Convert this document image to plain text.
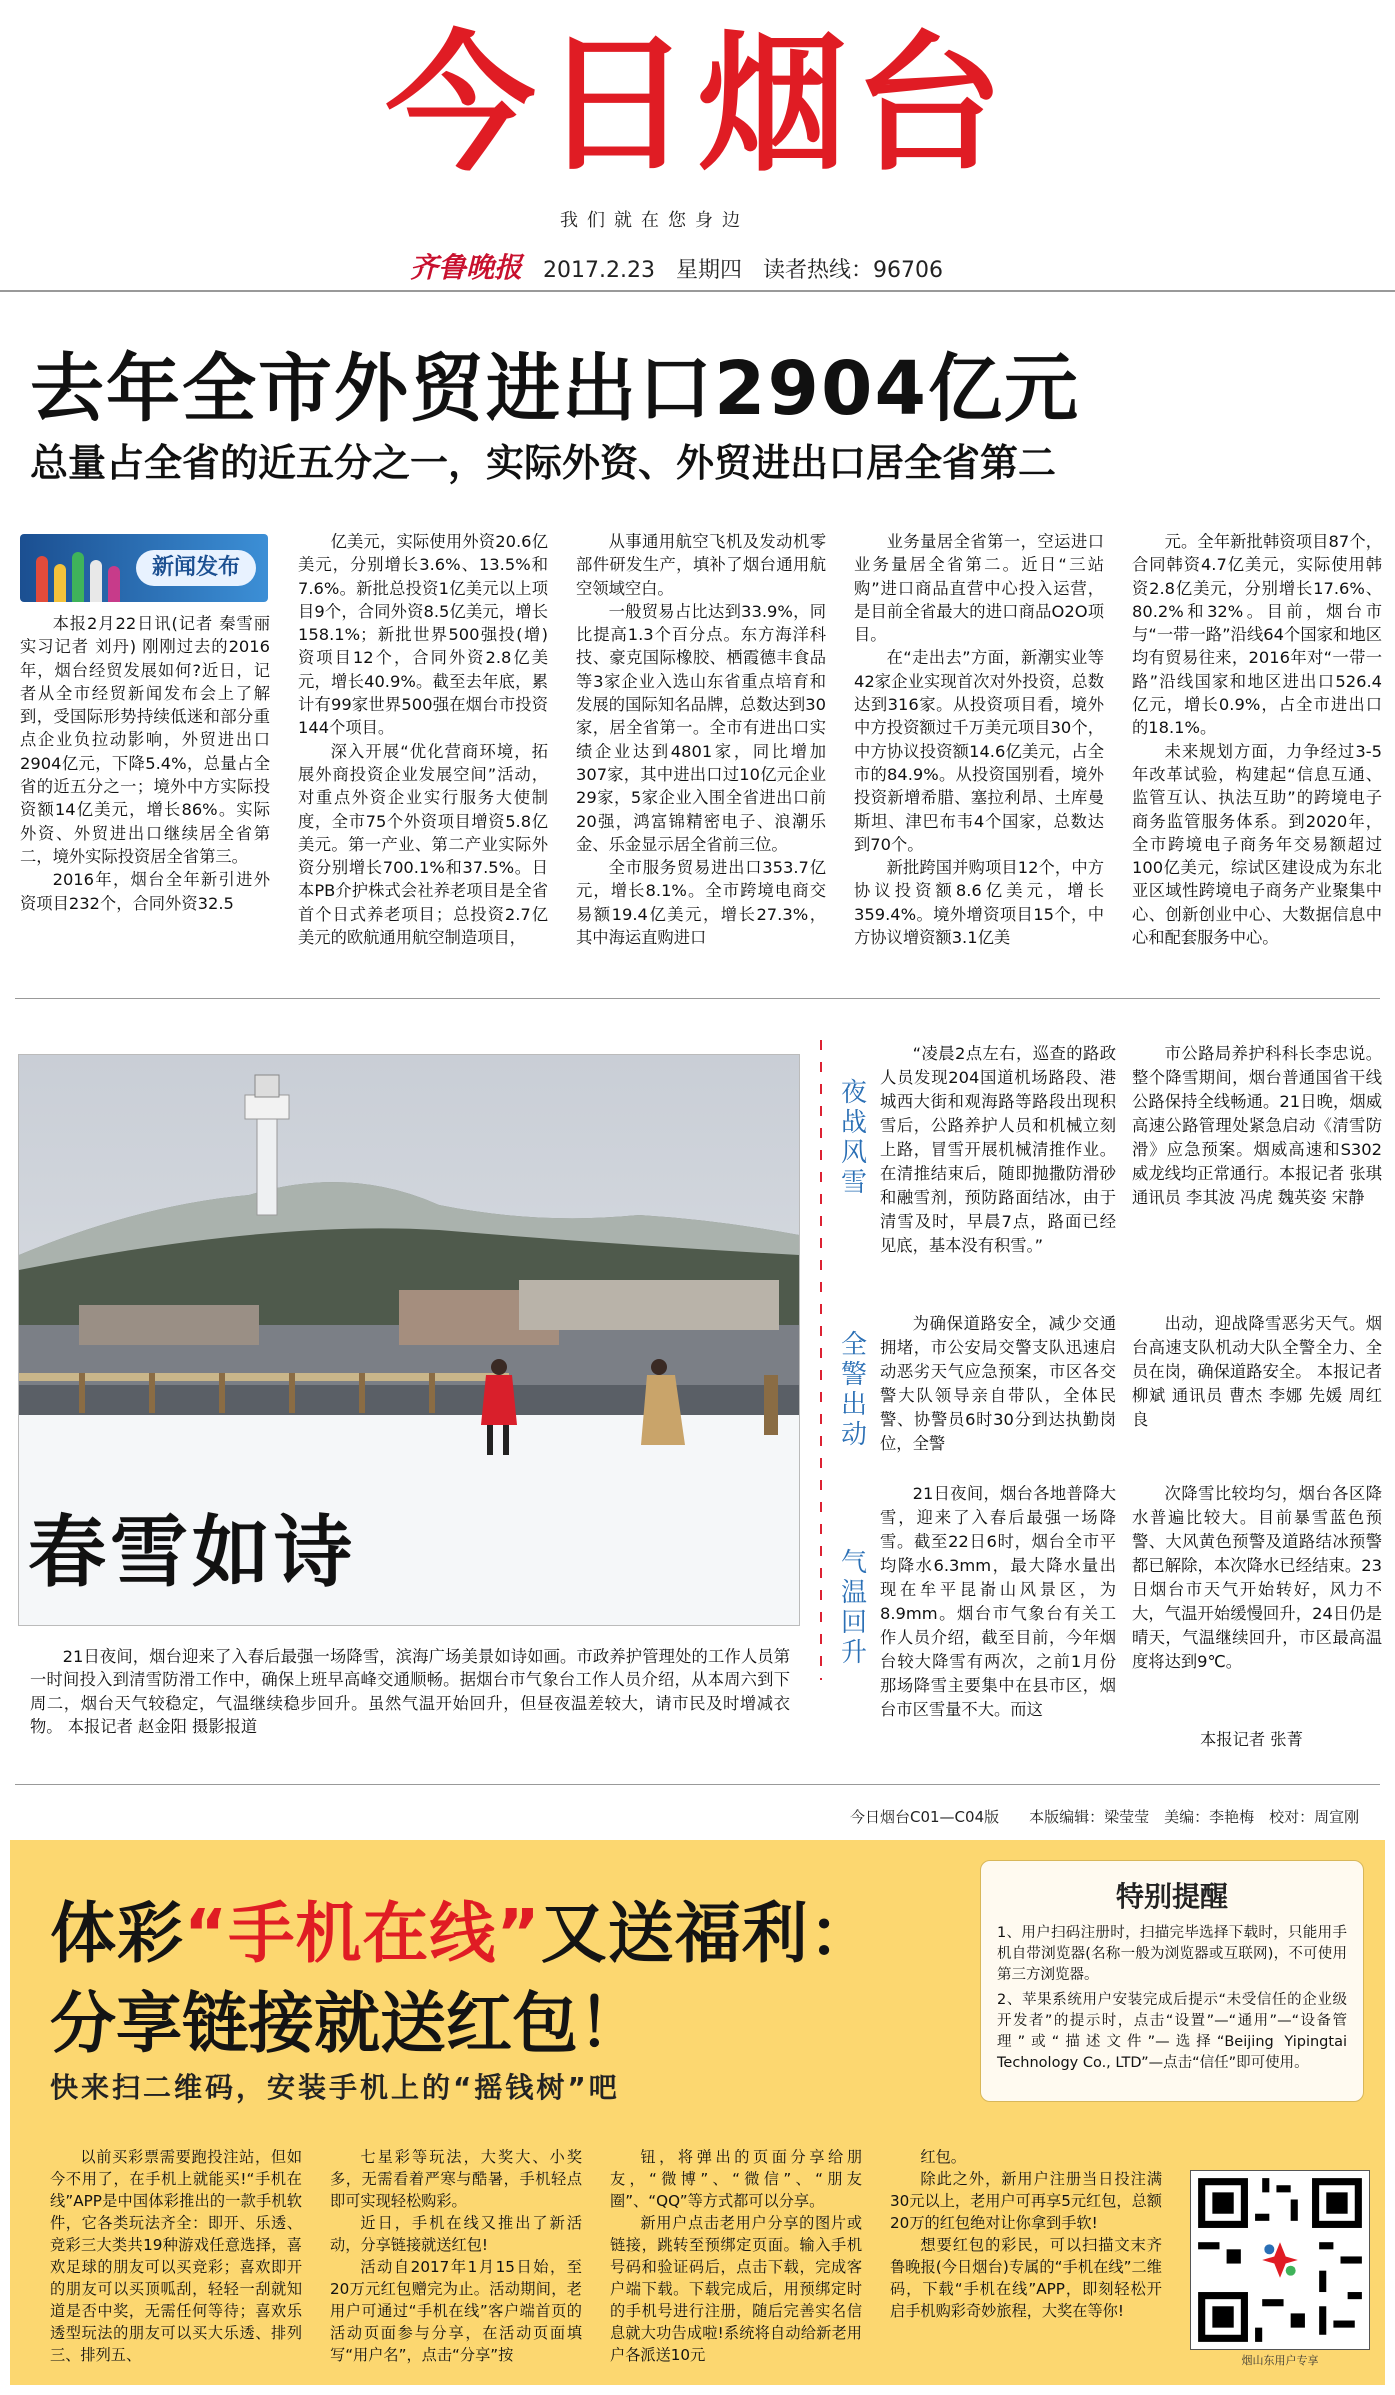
今日烟台
我们就在您身边
齐鲁晚报 2017.2.23 星期四 读者热线：96706
去年全市外贸进出口2904亿元
总量占全省的近五分之一，实际外资、外贸进出口居全省第二
新闻发布

本报2月22日讯(记者 秦雪丽 实习记者 刘丹) 刚刚过去的2016年，烟台经贸发展如何?近日，记者从全市经贸新闻发布会上了解到，受国际形势持续低迷和部分重点企业负拉动影响，外贸进出口2904亿元，下降5.4%，总量占全省的近五分之一；境外中方实际投资额14亿美元，增长86%。实际外资、外贸进出口继续居全省第二，境外实际投资居全省第三。

2016年，烟台全年新引进外资项目232个，合同外资32.5

亿美元，实际使用外资20.6亿美元，分别增长3.6%、13.5%和7.6%。新批总投资1亿美元以上项目9个，合同外资8.5亿美元，增长158.1%；新批世界500强投(增)资项目12个，合同外资2.8亿美元，增长40.9%。截至去年底，累计有99家世界500强在烟台市投资144个项目。

深入开展“优化营商环境，拓展外商投资企业发展空间”活动，对重点外资企业实行服务大使制度，全市75个外资项目增资5.8亿美元。第一产业、第二产业实际外资分别增长700.1%和37.5%。日本PB介护株式会社养老项目是全省首个日式养老项目；总投资2.7亿美元的欧航通用航空制造项目，

从事通用航空飞机及发动机零部件研发生产，填补了烟台通用航空领域空白。

一般贸易占比达到33.9%，同比提高1.3个百分点。东方海洋科技、豪克国际橡胶、栖霞德丰食品等3家企业入选山东省重点培育和发展的国际知名品牌，总数达到30家，居全省第一。全市有进出口实绩企业达到4801家，同比增加307家，其中进出口过10亿元企业29家，5家企业入围全省进出口前20强，鸿富锦精密电子、浪潮乐金、乐金显示居全省前三位。

全市服务贸易进出口353.7亿元，增长8.1%。全市跨境电商交易额19.4亿美元，增长27.3%，其中海运直购进口

业务量居全省第一，空运进口业务量居全省第二。近日“三站购”进口商品直营中心投入运营，是目前全省最大的进口商品O2O项目。

在“走出去”方面，新潮实业等42家企业实现首次对外投资，总数达到316家。从投资项目看，境外中方投资额过千万美元项目30个，中方协议投资额14.6亿美元，占全市的84.9%。从投资国别看，境外投资新增希腊、塞拉利昂、土库曼斯坦、津巴布韦4个国家，总数达到70个。

新批跨国并购项目12个，中方协议投资额8.6亿美元，增长359.4%。境外增资项目15个，中方协议增资额3.1亿美

元。全年新批韩资项目87个，合同韩资4.7亿美元，实际使用韩资2.8亿美元，分别增长17.6%、80.2%和32%。目前，烟台市与“一带一路”沿线64个国家和地区均有贸易往来，2016年对“一带一路”沿线国家和地区进出口526.4亿元，增长0.9%，占全市进出口的18.1%。

未来规划方面，力争经过3-5年改革试验，构建起“信息互通、监管互认、执法互助”的跨境电子商务监管服务体系。到2020年，全市跨境电子商务年交易额超过100亿美元，综试区建设成为东北亚区域性跨境电子商务产业聚集中心、创新创业中心、大数据信息中心和配套服务中心。

春雪如诗
21日夜间，烟台迎来了入春后最强一场降雪，滨海广场美景如诗如画。市政养护管理处的工作人员第一时间投入到清雪防滑工作中，确保上班早高峰交通顺畅。据烟台市气象台工作人员介绍，从本周六到下周二，烟台天气较稳定，气温继续稳步回升。虽然气温开始回升，但昼夜温差较大，请市民及时增减衣物。 本报记者 赵金阳 摄影报道
夜战风雪

“凌晨2点左右，巡查的路政人员发现204国道机场路段、港城西大街和观海路等路段出现积雪后，公路养护人员和机械立刻上路，冒雪开展机械清推作业。在清推结束后，随即抛撒防滑砂和融雪剂，预防路面结冰，由于清雪及时，早晨7点，路面已经见底，基本没有积雪。”

市公路局养护科科长李忠说。整个降雪期间，烟台普通国省干线公路保持全线畅通。21日晚，烟威高速公路管理处紧急启动《清雪防滑》应急预案。烟威高速和S302威龙线均正常通行。本报记者 张琪 通讯员 李其波 冯虎 魏英姿 宋静

全警出动

为确保道路安全，减少交通拥堵，市公安局交警支队迅速启动恶劣天气应急预案，市区各交警大队领导亲自带队，全体民警、协警员6时30分到达执勤岗位，全警

出动，迎战降雪恶劣天气。烟台高速支队机动大队全警全力、全员在岗，确保道路安全。 本报记者 柳斌 通讯员 曹杰 李娜 先媛 周红良

气温回升

21日夜间，烟台各地普降大雪，迎来了入春后最强一场降雪。截至22日6时，烟台全市平均降水6.3mm，最大降水量出现在牟平昆嵛山风景区，为8.9mm。烟台市气象台有关工作人员介绍，截至目前，今年烟台较大降雪有两次，之前1月份那场降雪主要集中在县市区，烟台市区雪量不大。而这

次降雪比较均匀，烟台各区降水普遍比较大。目前暴雪蓝色预警、大风黄色预警及道路结冰预警都已解除，本次降水已经结束。23日烟台市天气开始转好，风力不大，气温开始缓慢回升，24日仍是晴天，气温继续回升，市区最高温度将达到9℃。

本报记者 张菁
今日烟台C01—C04版　　本版编辑：梁莹莹　美编：李艳梅　校对：周宣刚
体彩“手机在线”又送福利：
分享链接就送红包！
快来扫二维码，安装手机上的“摇钱树”吧
特别提醒

1、用户扫码注册时，扫描完毕选择下载时，只能用手机自带浏览器(名称一般为浏览器或互联网)，不可使用第三方浏览器。

2、苹果系统用户安装完成后提示“未受信任的企业级开发者”的提示时，点击“设置”—“通用”—“设备管理”或“描述文件”—选择“Beijing Yipingtai Technology Co., LTD”—点击“信任”即可使用。

以前买彩票需要跑投注站，但如今不用了，在手机上就能买!“手机在线”APP是中国体彩推出的一款手机软件，它各类玩法齐全：即开、乐透、竞彩三大类共19种游戏任意选择，喜欢足球的朋友可以买竞彩；喜欢即开的朋友可以买顶呱刮，轻轻一刮就知道是否中奖，无需任何等待；喜欢乐透型玩法的朋友可以买大乐透、排列三、排列五、

七星彩等玩法，大奖大、小奖多，无需看着严寒与酷暑，手机轻点即可实现轻松购彩。

近日，手机在线又推出了新活动，分享链接就送红包!

活动自2017年1月15日始，至20万元红包赠完为止。活动期间，老用户可通过“手机在线”客户端首页的活动页面参与分享，在活动页面填写“用户名”，点击“分享”按

钮，将弹出的页面分享给朋友，“微博”、“微信”、“朋友圈”、“QQ”等方式都可以分享。

新用户点击老用户分享的图片或链接，跳转至预绑定页面。输入手机号码和验证码后，点击下载，完成客户端下载。下载完成后，用预绑定时的手机号进行注册，随后完善实名信息就大功告成啦!系统将自动给新老用户各派送10元

红包。

除此之外，新用户注册当日投注满30元以上，老用户可再享5元红包，总额20万的红包绝对让你拿到手软!

想要红包的彩民，可以扫描文末齐鲁晚报(今日烟台)专属的“手机在线”二维码，下载“手机在线”APP，即刻轻松开启手机购彩奇妙旅程，大奖在等你!

烟山东用户专享
